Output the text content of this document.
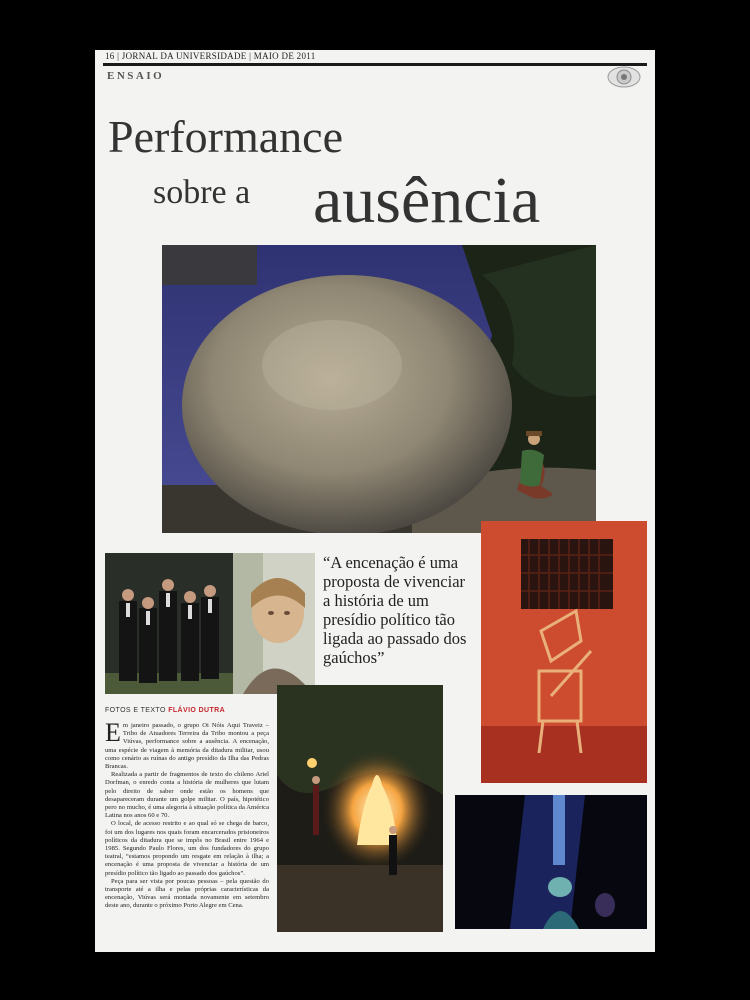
16 | JORNAL DA UNIVERSIDADE | MAIO DE 2011
ENSAIO
Performance
sobre a ausência
“A encenação é uma proposta de vivenciar a história de um presídio político tão ligada ao passado dos gaúchos”
FOTOS E TEXTO FLÁVIO DUTRA

Em janeiro passado, o grupo Oi Nóis Aqui Traveiz – Tribo de Atuadores Terreira da Tribo montou a peça Viúvas, performance sobre a ausência. A encenação, uma espécie de viagem à memória da ditadura militar, usou como cenário as ruínas do antigo presídio da Ilha das Pedras Brancas.

Realizada a partir de fragmentos de texto do chileno Ariel Dorfman, o enredo conta a história de mulheres que lutam pelo direito de saber onde estão os homens que desapareceram durante um golpe militar. O país, hipotético pero no mucho, é uma alegoria à situação política da América Latina nos anos 60 e 70.

O local, de acesso restrito e ao qual só se chega de barco, foi um dos lugares nos quais foram encarcerados prisioneiros políticos da ditadura que se impôs no Brasil entre 1964 e 1985. Segundo Paulo Flores, um dos fundadores do grupo teatral, “estamos propondo um resgate em relação à ilha; a encenação é uma proposta de vivenciar a história de um presídio político tão ligado ao passado dos gaúchos”.

Peça para ser vista por poucas pessoas – pela questão do transporte até a ilha e pelas próprias características da encenação, Viúvas será montada novamente em setembro deste ano, durante o próximo Porto Alegre em Cena.
